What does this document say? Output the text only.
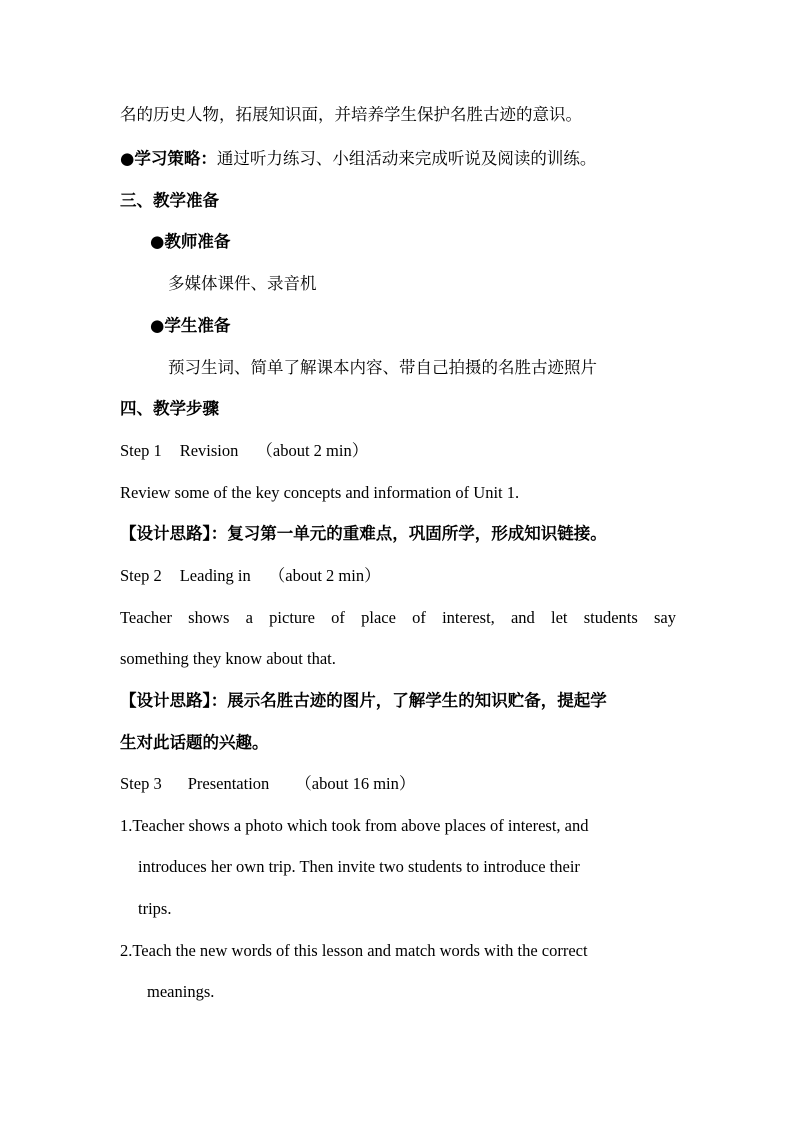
名的历史人物，拓展知识面，并培养学生保护名胜古迹的意识。
●学习策略：通过听力练习、小组活动来完成听说及阅读的训练。
三、教学准备
●教师准备
多媒体课件、录音机
●学生准备
预习生词、简单了解课本内容、带自己拍摄的名胜古迹照片
四、教学步骤
Step 1 Revision （about 2 min）
Review some of the key concepts and information of Unit 1.
【设计思路】：复习第一单元的重难点，巩固所学，形成知识链接。
Step 2 Leading in （about 2 min）
Teacher shows a picture of place of interest, and let students say
something they know about that.
【设计思路】：展示名胜古迹的图片，了解学生的知识贮备，提起学
生对此话题的兴趣。
Step 3 Presentation （about 16 min）
1.Teacher shows a photo which took from above places of interest, and
introduces her own trip. Then invite two students to introduce their
trips.
2.Teach the new words of this lesson and match words with the correct
meanings.
